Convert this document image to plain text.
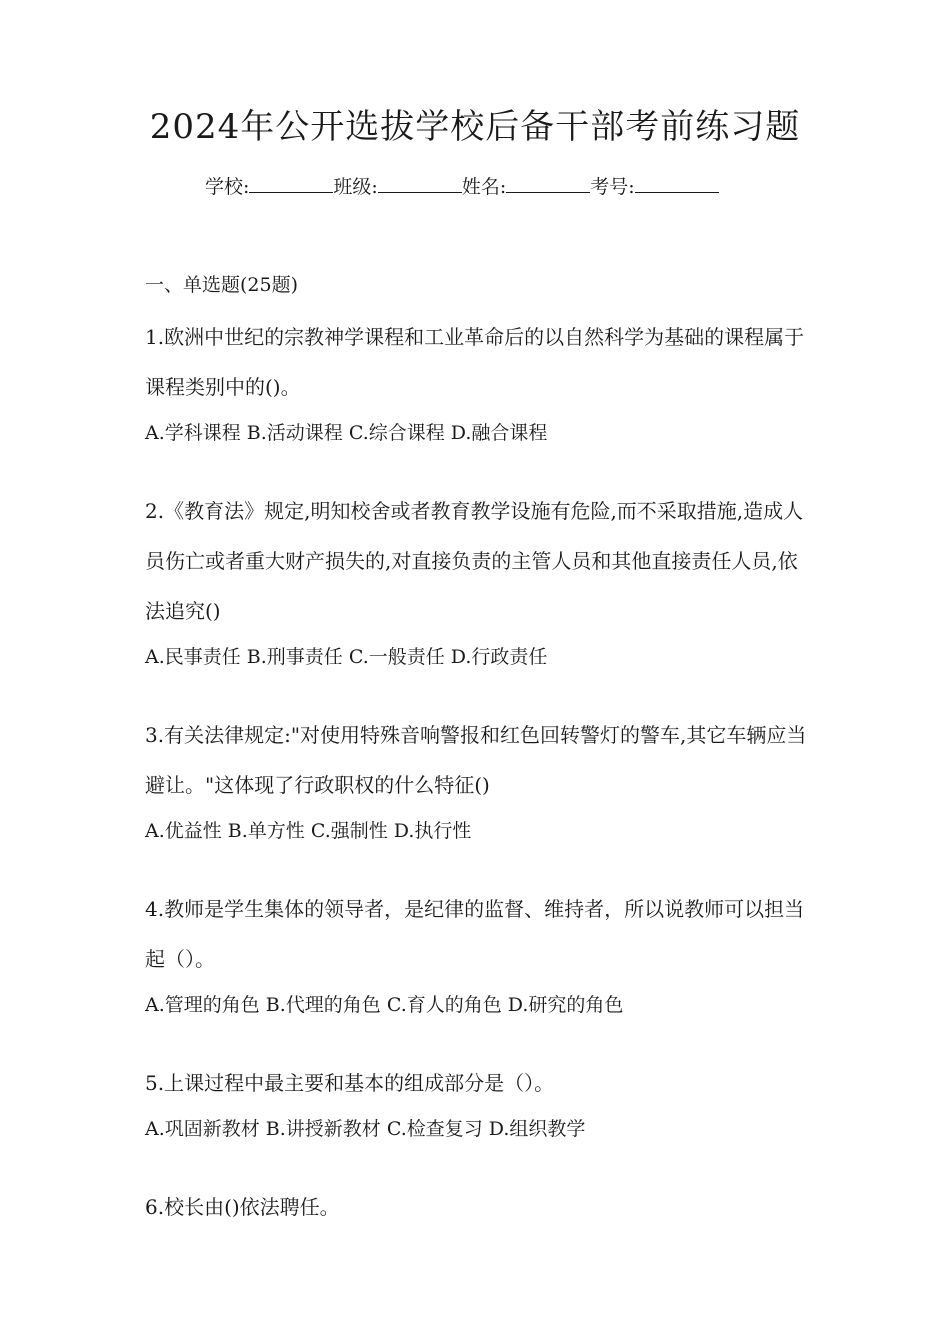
2024年公开选拔学校后备干部考前练习题
学校:	班级:	姓名:	考号:
一、单选题(25题)

1.欧洲中世纪的宗教神学课程和工业革命后的以自然科学为基础的课程属于课程类别中的()。

A.学科课程 B.活动课程 C.综合课程 D.融合课程

2.《教育法》规定,明知校舍或者教育教学设施有危险,而不采取措施,造成人员伤亡或者重大财产损失的,对直接负责的主管人员和其他直接责任人员,依法追究()

A.民事责任 B.刑事责任 C.一般责任 D.行政责任

3.有关法律规定:"对使用特殊音响警报和红色回转警灯的警车,其它车辆应当避让。"这体现了行政职权的什么特征()

A.优益性 B.单方性 C.强制性 D.执行性

4.教师是学生集体的领导者，是纪律的监督、维持者，所以说教师可以担当起（）。

A.管理的角色 B.代理的角色 C.育人的角色 D.研究的角色

5.上课过程中最主要和基本的组成部分是（）。

A.巩固新教材 B.讲授新教材 C.检查复习 D.组织教学

6.校长由()依法聘任。
